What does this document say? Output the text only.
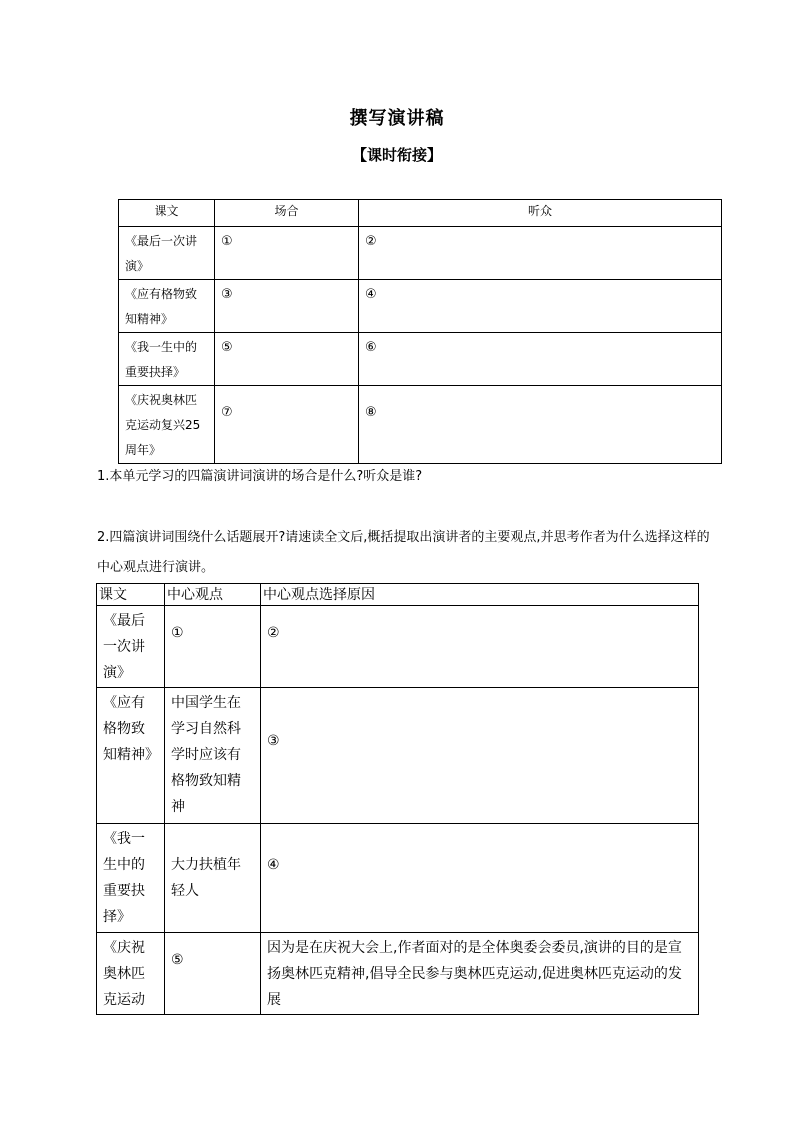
撰写演讲稿
【课时衔接】
课文	场合	听众
《最后一次讲演》	①	②
《应有格物致知精神》	③	④
《我一生中的重要抉择》	⑤	⑥
《庆祝奥林匹克运动复兴25 周年》	⑦	⑧
1.本单元学习的四篇演讲词演讲的场合是什么?听众是谁?
2.四篇演讲词围绕什么话题展开?请速读全文后,概括提取出演讲者的主要观点,并思考作者为什么选择这样的中心观点进行演讲。
课文	中心观点	中心观点选择原因
《最后一次讲演》	①	②
《应有格物致知精神》	中国学生在学习自然科学时应该有格物致知精神	③
《我一生中的重要抉择》	大力扶植年轻人	④
《庆祝奥林匹克运动	⑤	因为是在庆祝大会上,作者面对的是全体奥委会委员,演讲的目的是宣扬奥林匹克精神,倡导全民参与奥林匹克运动,促进奥林匹克运动的发展
